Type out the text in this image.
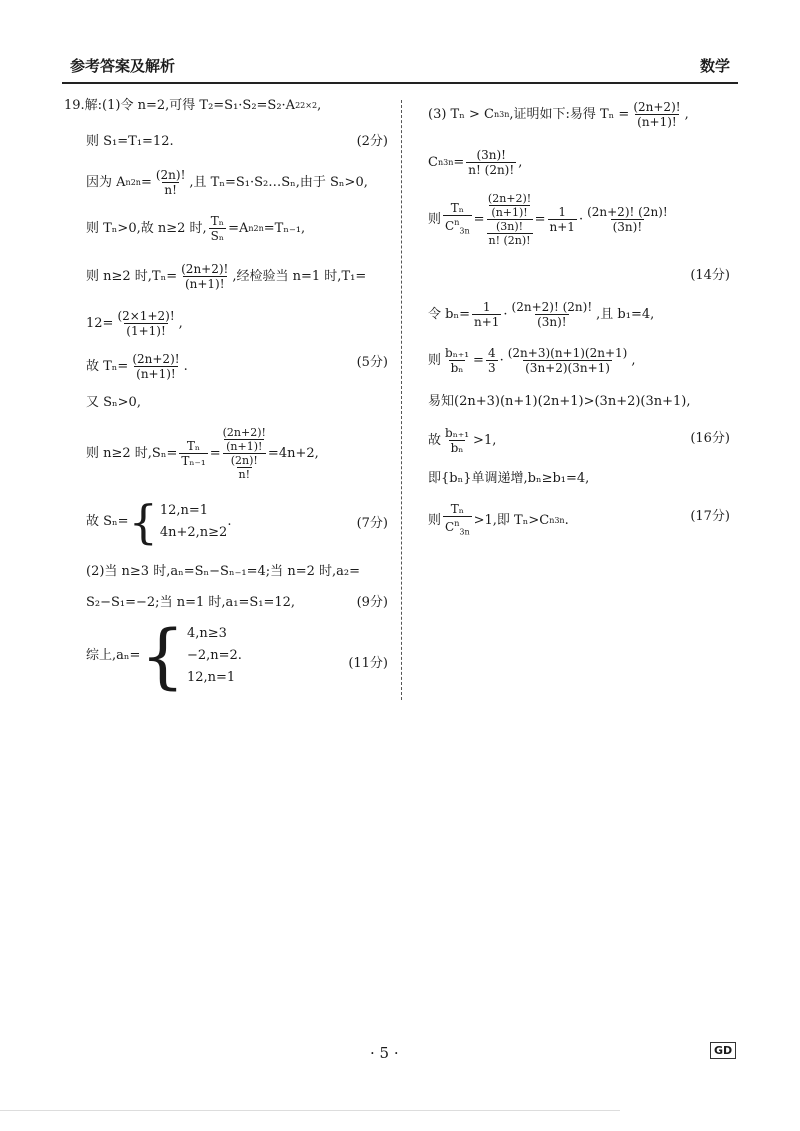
参考答案及解析	数学
19.解:(1)令 n=2,可得 T₂=S₁·S₂=S₂·A 2 2×2 ,
则 S₁=T₁=12.	(2分)
因为 A n $2n = \frac{(2n)!}{n!}$ ,且 Tₙ=S₁·S₂…Sₙ,由于 Sₙ>0,
则 Tₙ>0,故 n≥2 时, $\frac{\text{Tₙ}}{\text{Sₙ}} =A$ n 2n =Tₙ₋₁,
则 n≥2 时$,T_n= \frac{(2n+2)!}{(n+1)!}$ ,经检验当 n=1 时,T₁=
$12= \frac{(2\times 1+2)!}{(1+1)!}$ ,
故 $T_n= \frac{(2n+2)!}{(n+1)!}$ .	(5分)
又 Sₙ>0,
则 n≥2 时$,S_n= \frac{\text{Tₙ}}{\text{Tₙ₋₁}}$ =
(2n+2)!
(n+1)!
(2n)!
n!
=4n+2,
故 Sₙ= { 12,n=1
4n+2,n≥2
.	(7分)
(2)当 n≥3 时,aₙ=Sₙ−Sₙ₋₁=4;当 n=2 时,a₂=
S₂−S₁=−2;当 n=1 时,a₁=S₁=12,	(9分)
综上,aₙ= { 4,n≥3
−2,n=2.
12,n=1
(11分)
(3) Tₙ > C n 3n ,证明如下:易得 $T_n = \frac{(2n+2)!}{(n+1)!}$ ,
C n $3n = \frac{(3n)!}{n! (2n)!}$ ,
则 $\frac{\text{Tₙ}}{C^n_{3n}}$ =
(2n+2)!
(n+1)!
(3n)!
n! (2n)!
= $\frac{1}{n+1} \cdot \frac{(2n+2)! (2n)!}{(3n)!}$
(14分)
令 $b_n= \frac{1}{n+1} \cdot \frac{(2n+2)! (2n)!}{(3n)!}$ ,且 b₁=4,
则 $\frac{\text{bₙ₊₁}}{\text{bₙ}} = \frac{4}{3} \cdot \frac{(2n+3)(n+1)(2n+1)}{(3n+2)(3n+1)}$ ,
易知(2n+3)(n+1)(2n+1)>(3n+2)(3n+1),
故 $\frac{\text{bₙ₊₁}}{\text{bₙ}} >1$,	(16分)
即{bₙ}单调递增,bₙ≥b₁=4,
则 $\frac{\text{Tₙ}}{C^n_{3n}} >1$,即 Tₙ>C n 3n .	(17分)
· 5 ·	GD
